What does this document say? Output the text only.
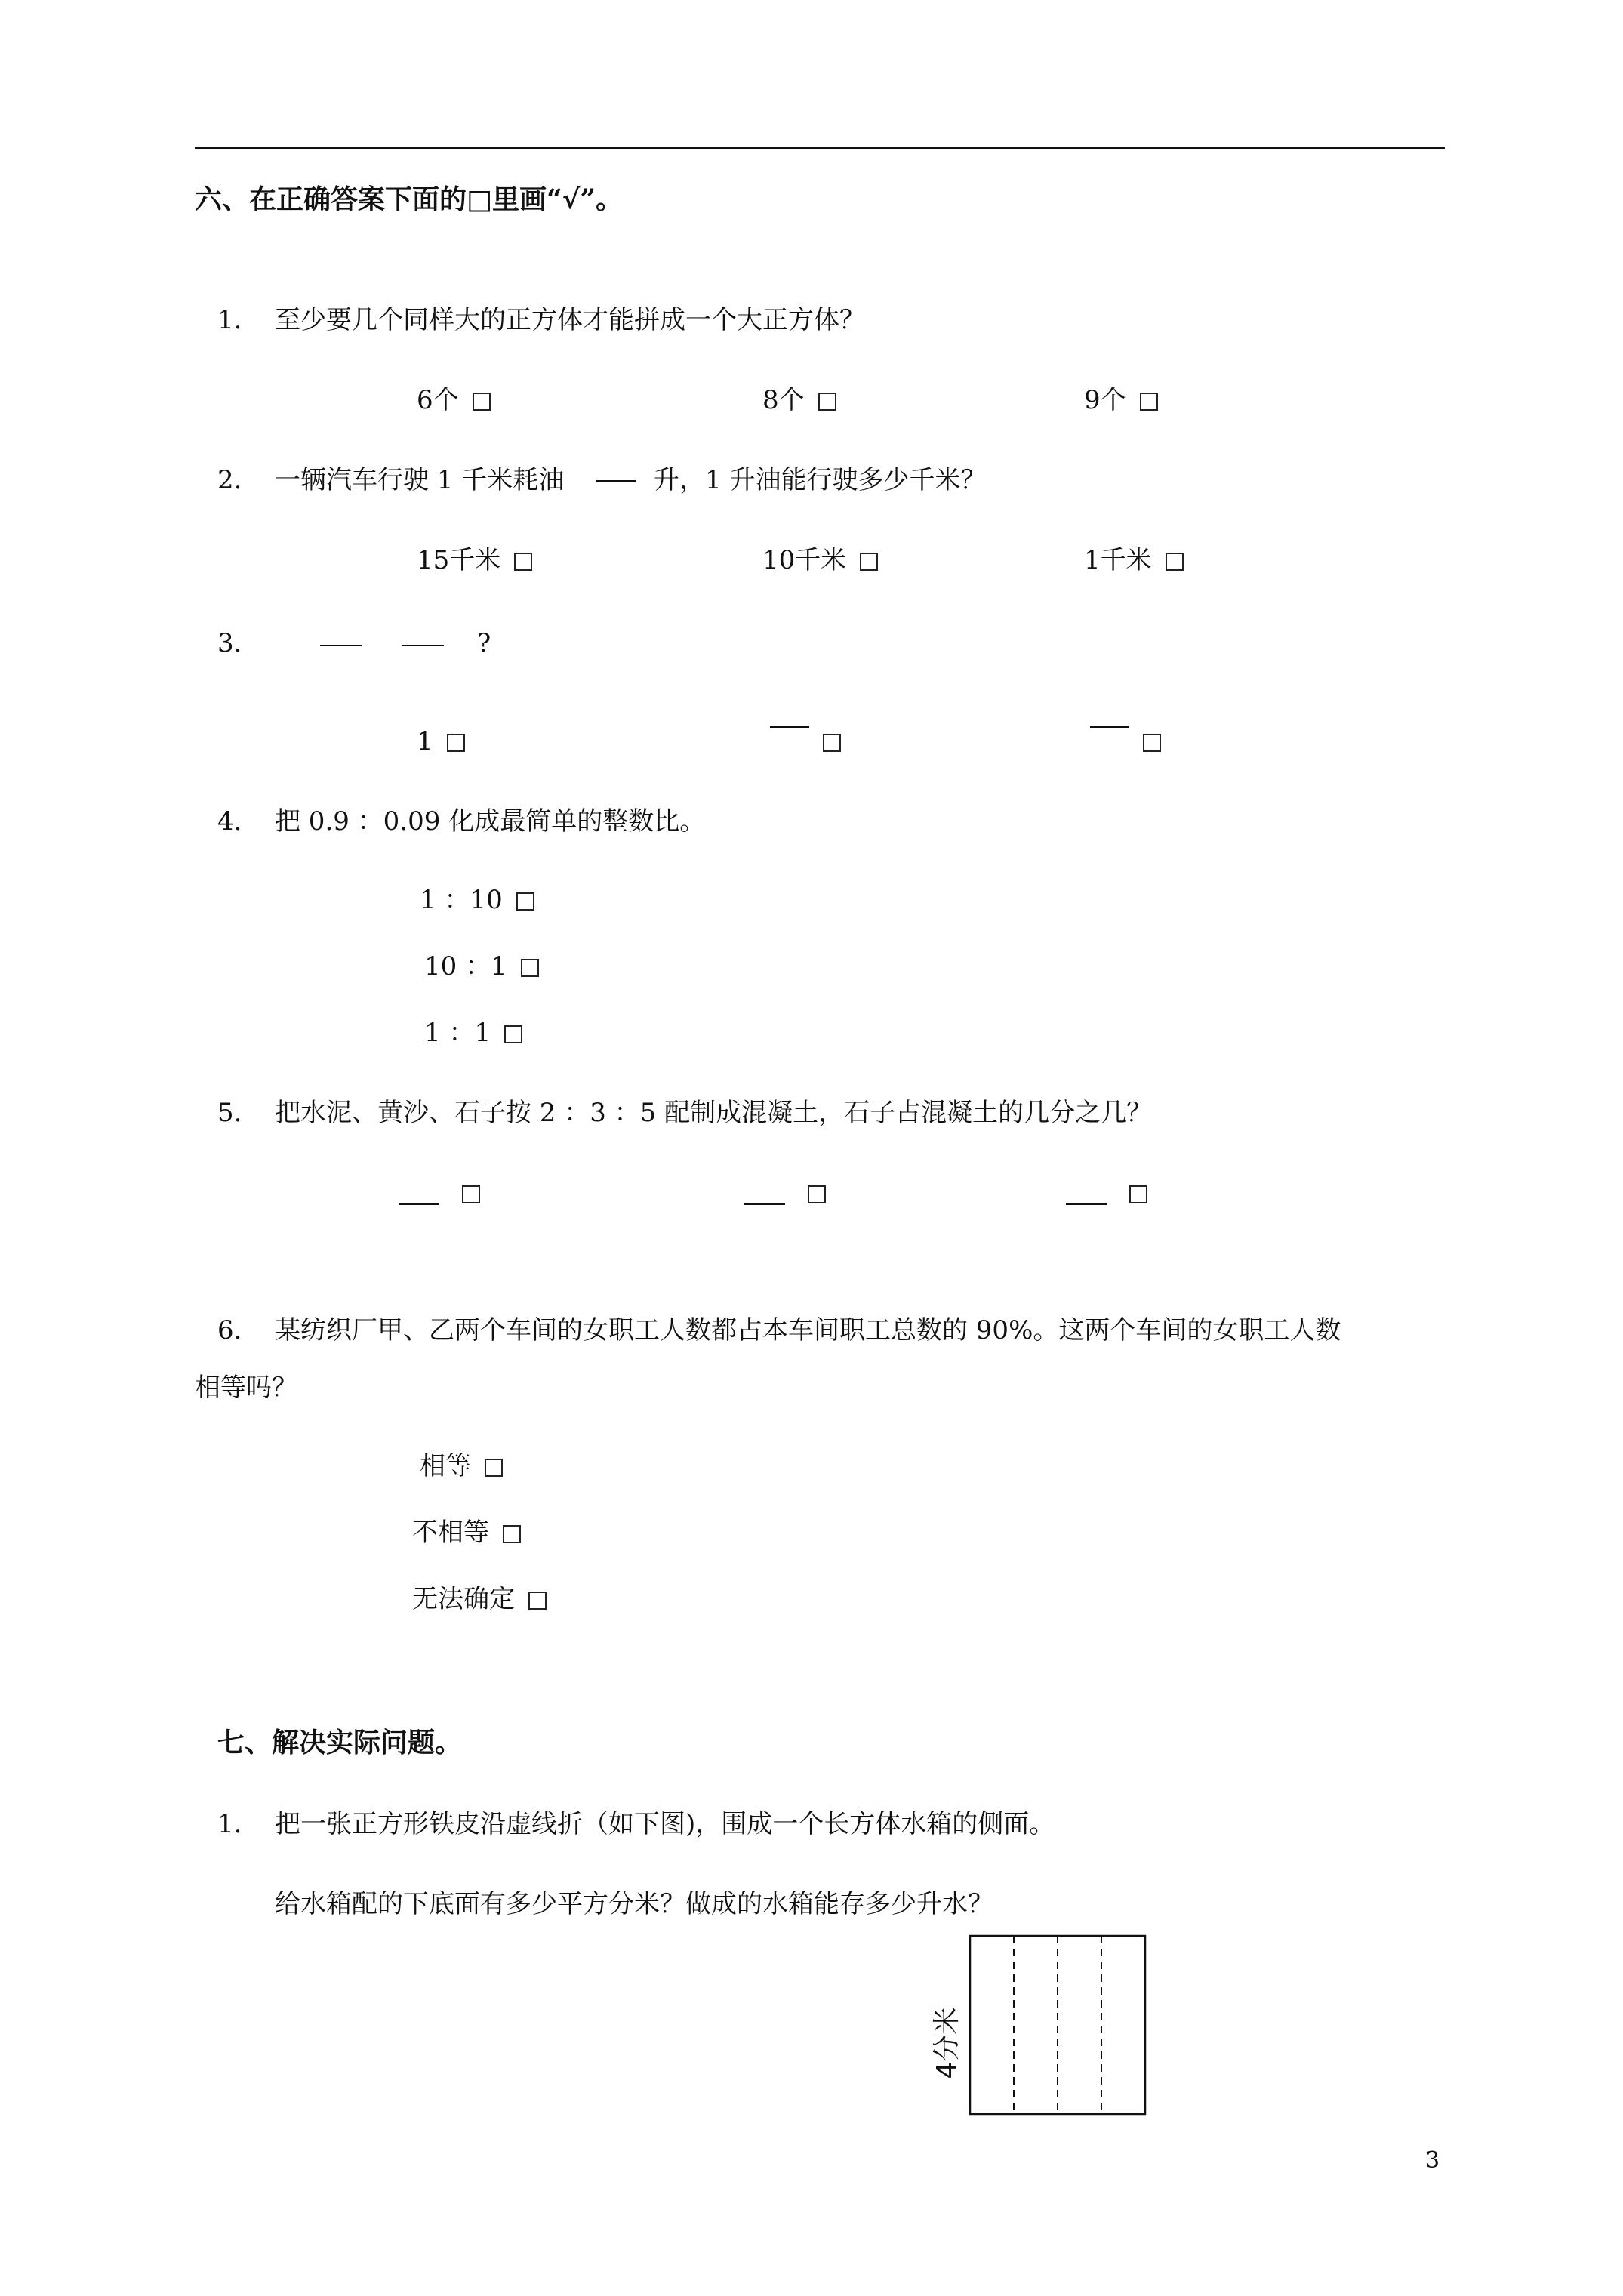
六、在正确答案下面的□里画“√”。
1. 至少要几个同样大的正方体才能拼成一个大正方体？
6个	8个	9个
2. 一辆汽车行驶 1 千米耗油	升，1 升油能行驶多少千米？
15千米	10千米	1千米
3.	?
1
4. 把 0.9 ：0.09 化成最简单的整数比。
1 ：10
10 ：1
1 ：1
5. 把水泥、黄沙、石子按 2 ：3 ：5 配制成混凝土，石子占混凝土的几分之几？
6. 某纺织厂甲、乙两个车间的女职工人数都占本车间职工总数的 90%。这两个车间的女职工人数
相等吗？
相等
不相等
无法确定
七、解决实际问题。
1. 把一张正方形铁皮沿虚线折（如下图)，围成一个长方体水箱的侧面。
给水箱配的下底面有多少平方分米？做成的水箱能存多少升水？
4分米
3
